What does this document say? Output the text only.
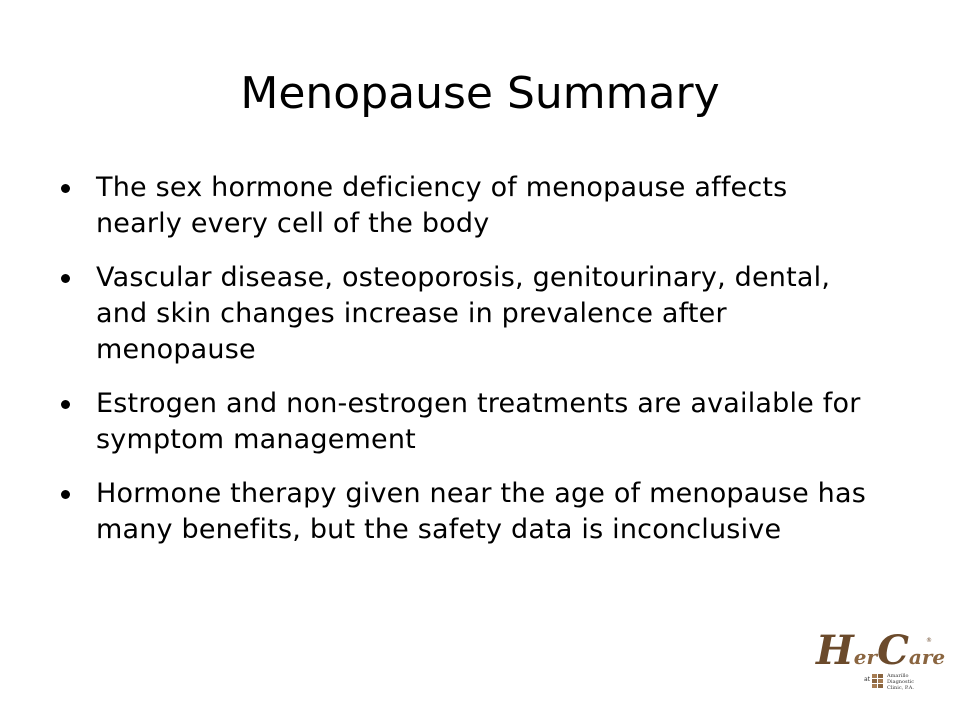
Menopause Summary
The sex hormone deficiency of menopause affects nearly every cell of the body
Vascular disease, osteoporosis, genitourinary, dental, and skin changes increase in prevalence after menopause
Estrogen and non-estrogen treatments are available for symptom management
Hormone therapy given near the age of menopause has many benefits, but the safety data is inconclusive
HerCare
®
at	Amarillo
Diagnostic
Clinic, P.A.
